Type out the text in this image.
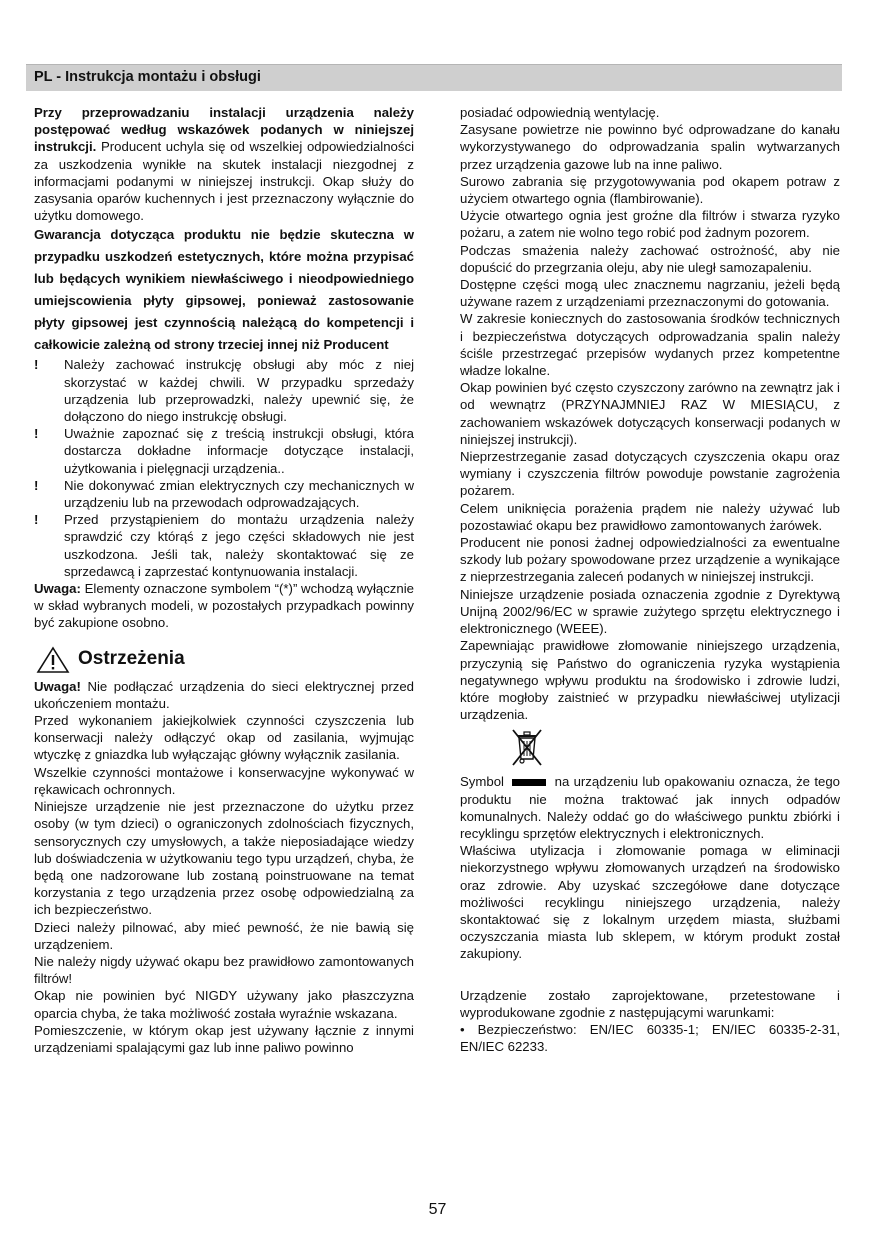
PL - Instrukcja montażu i obsługi

Przy przeprowadzaniu instalacji urządzenia należy postępować według wskazówek podanych w niniejszej instrukcji. Producent uchyla się od wszelkiej odpowiedzialności za uszkodzenia wynikłe na skutek instalacji niezgodnej z informacjami podanymi w niniejszej instrukcji. Okap służy do zasysania oparów kuchennych i jest przeznaczony wyłącznie do użytku domowego.

Gwarancja dotycząca produktu nie będzie skuteczna w przypadku uszkodzeń estetycznych, które można przypisać lub będących wynikiem niewłaściwego i nieodpowiedniego umiejscowienia płyty gipsowej, ponieważ zastosowanie płyty gipsowej jest czynnością należącą do kompetencji i całkowicie zależną od strony trzeciej innej niż Producent

! Należy zachować instrukcję obsługi aby móc z niej skorzystać w każdej chwili. W przypadku sprzedaży urządzenia lub przeprowadzki, należy upewnić się, że dołączono do niego instrukcję obsługi.
! Uważnie zapoznać się z treścią instrukcji obsługi, która dostarcza dokładne informacje dotyczące instalacji, użytkowania i pielęgnacji urządzenia..
! Nie dokonywać zmian elektrycznych czy mechanicznych w urządzeniu lub na przewodach odprowadzających.
! Przed przystąpieniem do montażu urządzenia należy sprawdzić czy którąś z jego części składowych nie jest uszkodzona. Jeśli tak, należy skontaktować się ze sprzedawcą i zaprzestać kontynuowania instalacji.

Uwaga: Elementy oznaczone symbolem “(*)” wchodzą wyłącznie w skład wybranych modeli, w pozostałych przypadkach powinny być zakupione osobno.

Ostrzeżenia

Uwaga! Nie podłączać urządzenia do sieci elektrycznej przed ukończeniem montażu.

Przed wykonaniem jakiejkolwiek czynności czyszczenia lub konserwacji należy odłączyć okap od zasilania, wyjmując wtyczkę z gniazdka lub wyłączając główny wyłącznik zasilania.

Wszelkie czynności montażowe i konserwacyjne wykonywać w rękawicach ochronnych.

Niniejsze urządzenie nie jest przeznaczone do użytku przez osoby (w tym dzieci) o ograniczonych zdolnościach fizycznych, sensorycznych czy umysłowych, a także nieposiadające wiedzy lub doświadczenia w użytkowaniu tego typu urządzeń, chyba, że będą one nadzorowane lub zostaną poinstruowane na temat korzystania z tego urządzenia przez osobę odpowiedzialną za ich bezpieczeństwo.

Dzieci należy pilnować, aby mieć pewność, że nie bawią się urządzeniem.

Nie należy nigdy używać okapu bez prawidłowo zamontowanych filtrów!

Okap nie powinien być NIGDY używany jako płaszczyzna oparcia chyba, że taka możliwość została wyraźnie wskazana.

Pomieszczenie, w którym okap jest używany łącznie z innymi urządzeniami spalającymi gaz lub inne paliwo powinno

posiadać odpowiednią wentylację.

Zasysane powietrze nie powinno być odprowadzane do kanału wykorzystywanego do odprowadzania spalin wytwarzanych przez urządzenia gazowe lub na inne paliwo.

Surowo zabrania się przygotowywania pod okapem potraw z użyciem otwartego ognia (flambirowanie).

Użycie otwartego ognia jest groźne dla filtrów i stwarza ryzyko pożaru, a zatem nie wolno tego robić pod żadnym pozorem.

Podczas smażenia należy zachować ostrożność, aby nie dopuścić do przegrzania oleju, aby nie uległ samozapaleniu.

Dostępne części mogą ulec znacznemu nagrzaniu, jeżeli będą używane razem z urządzeniami przeznaczonymi do gotowania.

W zakresie koniecznych do zastosowania środków technicznych i bezpieczeństwa dotyczących odprowadzania spalin należy ściśle przestrzegać przepisów wydanych przez kompetentne władze lokalne.

Okap powinien być często czyszczony zarówno na zewnątrz jak i od wewnątrz (PRZYNAJMNIEJ RAZ W MIESIĄCU, z zachowaniem wskazówek dotyczących konserwacji podanych w niniejszej instrukcji).

Nieprzestrzeganie zasad dotyczących czyszczenia okapu oraz wymiany i czyszczenia filtrów powoduje powstanie zagrożenia pożarem.

Celem uniknięcia porażenia prądem nie należy używać lub pozostawiać okapu bez prawidłowo zamontowanych żarówek.

Producent nie ponosi żadnej odpowiedzialności za ewentualne szkody lub pożary spowodowane przez urządzenie a wynikające z nieprzestrzegania zaleceń podanych w niniejszej instrukcji.

Niniejsze urządzenie posiada oznaczenia zgodnie z Dyrektywą Unijną 2002/96/EC w sprawie zużytego sprzętu elektrycznego i elektronicznego (WEEE).

Zapewniając prawidłowe złomowanie niniejszego urządzenia, przyczynią się Państwo do ograniczenia ryzyka wystąpienia negatywnego wpływu produktu na środowisko i zdrowie ludzi, które mogłoby zaistnieć w przypadku niewłaściwej utylizacji urządzenia.

Symbol	na urządzeniu lub opakowaniu oznacza, że tego produktu nie można traktować jak innych odpadów komunalnych. Należy oddać go do właściwego punktu zbiórki i recyklingu sprzętów elektrycznych i elektronicznych.

Właściwa utylizacja i złomowanie pomaga w eliminacji niekorzystnego wpływu złomowanych urządzeń na środowisko oraz zdrowie. Aby uzyskać szczegółowe dane dotyczące możliwości recyklingu niniejszego urządzenia, należy skontaktować się z lokalnym urzędem miasta, służbami oczyszczania miasta lub sklepem, w którym produkt został zakupiony.

Urządzenie zostało zaprojektowane, przetestowane i wyprodukowane zgodnie z następującymi warunkami:

• Bezpieczeństwo: EN/IEC 60335-1; EN/IEC 60335-2-31, EN/IEC 62233.

57
